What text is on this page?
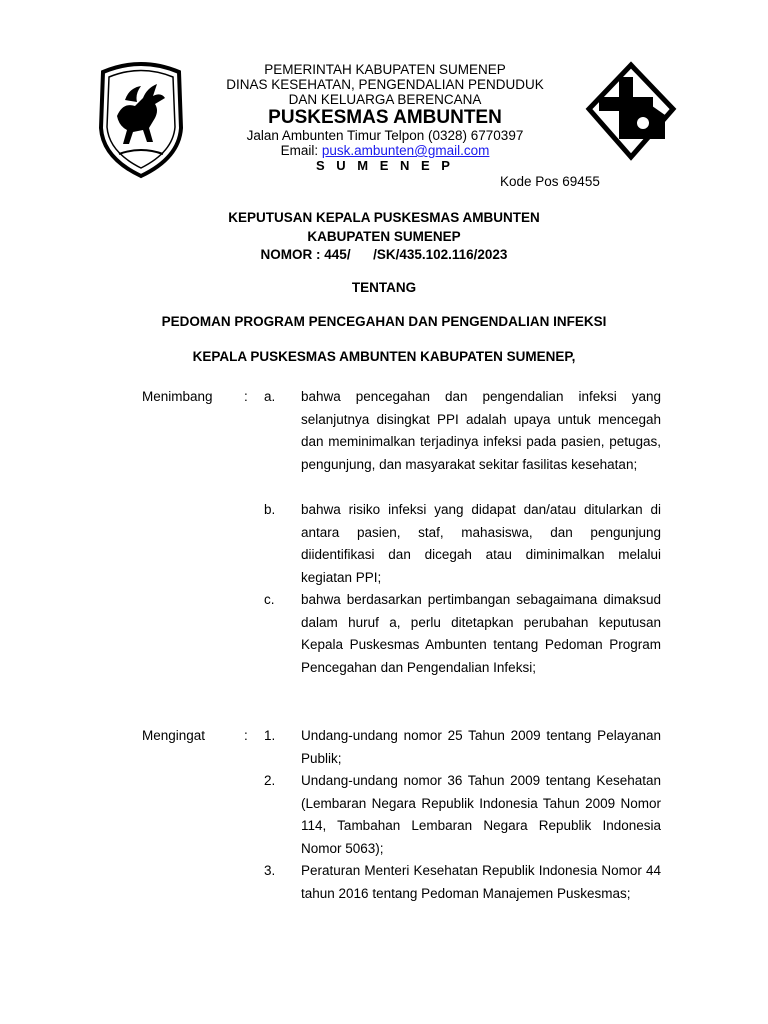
PEMERINTAH KABUPATEN SUMENEP
DINAS KESEHATAN, PENGENDALIAN PENDUDUK
DAN KELUARGA BERENCANA
PUSKESMAS AMBUNTEN
Jalan Ambunten Timur Telpon (0328) 6770397
Email: pusk.ambunten@gmail.com
S U M E N E P
Kode Pos 69455
KEPUTUSAN KEPALA PUSKESMAS AMBUNTEN
KABUPATEN SUMENEP
NOMOR : 445/      /SK/435.102.116/2023
TENTANG
PEDOMAN PROGRAM PENCEGAHAN DAN PENGENDALIAN INFEKSI
KEPALA PUSKESMAS AMBUNTEN KABUPATEN SUMENEP,
Menimbang : a. bahwa pencegahan dan pengendalian infeksi yang selanjutnya disingkat PPI adalah upaya untuk mencegah dan meminimalkan terjadinya infeksi pada pasien, petugas, pengunjung, dan masyarakat sekitar fasilitas kesehatan;
b. bahwa risiko infeksi yang didapat dan/atau ditularkan di antara pasien, staf, mahasiswa, dan pengunjung diidentifikasi dan dicegah atau diminimalkan melalui kegiatan PPI;
c. bahwa berdasarkan pertimbangan sebagaimana dimaksud dalam huruf a, perlu ditetapkan perubahan keputusan Kepala Puskesmas Ambunten tentang Pedoman Program Pencegahan dan Pengendalian Infeksi;
Mengingat	: 1. Undang-undang nomor 25 Tahun 2009 tentang Pelayanan Publik;
2. Undang-undang nomor 36 Tahun 2009 tentang Kesehatan (Lembaran Negara Republik Indonesia Tahun 2009 Nomor 114, Tambahan Lembaran Negara Republik Indonesia Nomor 5063);
3. Peraturan Menteri Kesehatan Republik Indonesia Nomor 44 tahun 2016 tentang Pedoman Manajemen Puskesmas;
